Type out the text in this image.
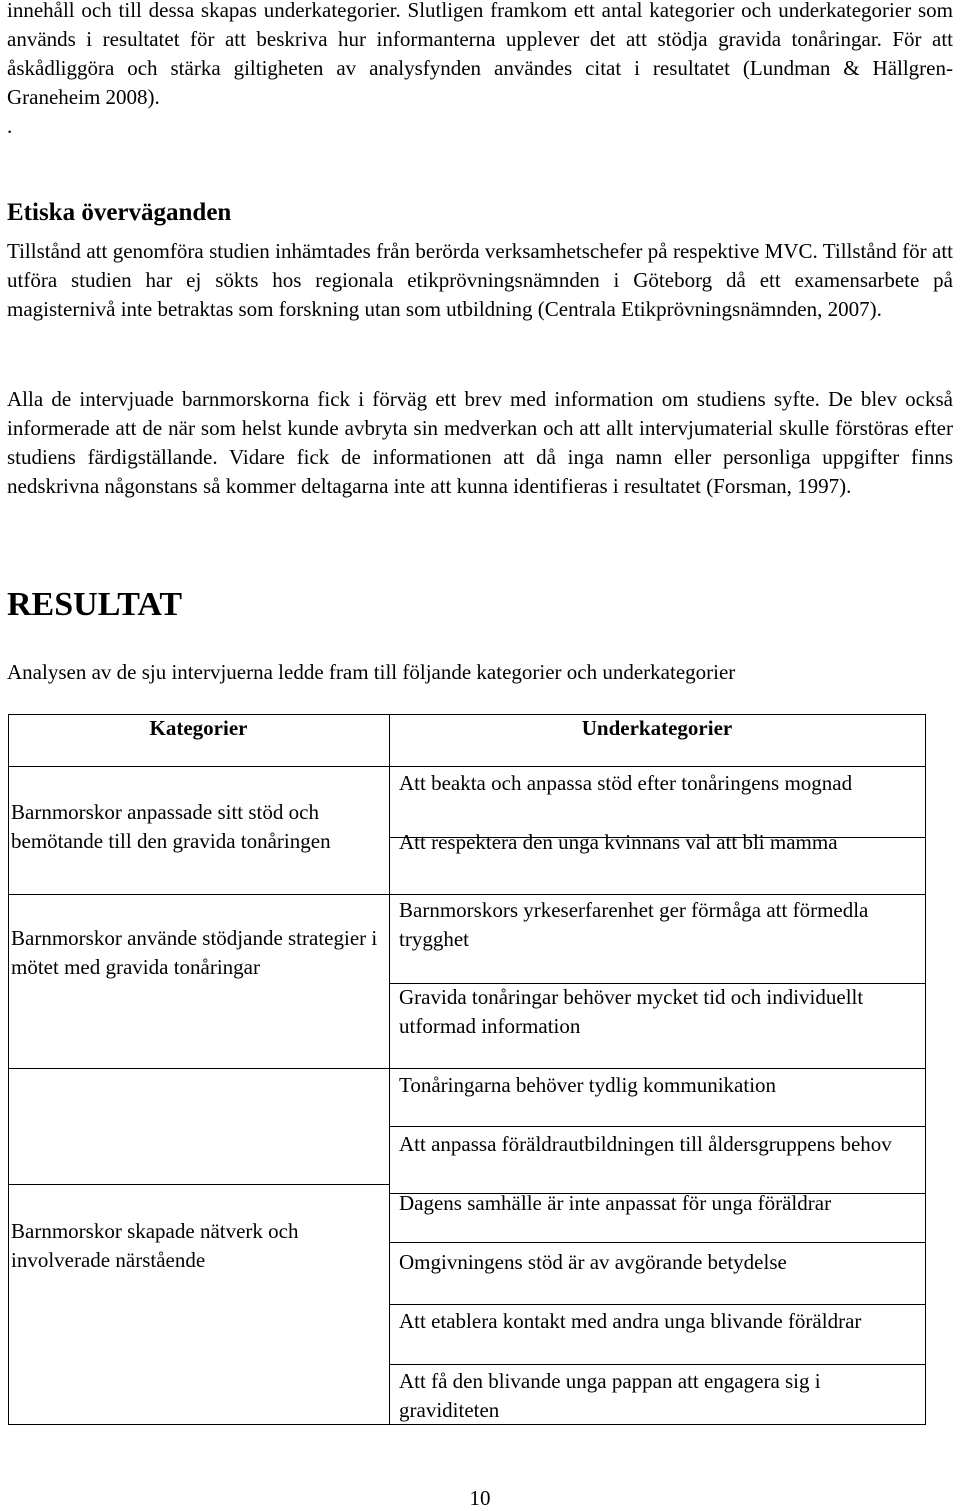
innehåll och till dessa skapas underkategorier. Slutligen framkom ett antal kategorier och underkategorier som används i resultatet för att beskriva hur informanterna upplever det att stödja gravida tonåringar. För att åskådliggöra och stärka giltigheten av analysfynden användes citat i resultatet (Lundman & Hällgren-Graneheim 2008).

.

Etiska överväganden

Tillstånd att genomföra studien inhämtades från berörda verksamhetschefer på respektive MVC. Tillstånd för att utföra studien har ej sökts hos regionala etikprövningsnämnden i Göteborg då ett examensarbete på magisternivå inte betraktas som forskning utan som utbildning (Centrala Etikprövningsnämnden, 2007).

Alla de intervjuade barnmorskorna fick i förväg ett brev med information om studiens syfte. De blev också informerade att de när som helst kunde avbryta sin medverkan och att allt intervjumaterial skulle förstöras efter studiens färdigställande. Vidare fick de informationen att då inga namn eller personliga uppgifter finns nedskrivna någonstans så kommer deltagarna inte att kunna identifieras i resultatet (Forsman, 1997).

RESULTAT

Analysen av de sju intervjuerna ledde fram till följande kategorier och underkategorier

Kategorier	Underkategorier

Barnmorskor anpassade sitt stöd och bemötande till den gravida tonåringen

Barnmorskor använde stödjande strategier i mötet med gravida tonåringar

Barnmorskor skapade nätverk och involverade närstående

Att beakta och anpassa stöd efter tonåringens mognad

Att respektera den unga kvinnans val att bli mamma

Barnmorskors yrkeserfarenhet ger förmåga att förmedla trygghet

Gravida tonåringar behöver mycket tid och individuellt utformad information

Tonåringarna behöver tydlig kommunikation

Att anpassa föräldrautbildningen till åldersgruppens behov

Dagens samhälle är inte anpassat för unga föräldrar

Omgivningens stöd är av avgörande betydelse

Att etablera kontakt med andra unga blivande föräldrar

Att få den blivande unga pappan att engagera sig i graviditeten

10
